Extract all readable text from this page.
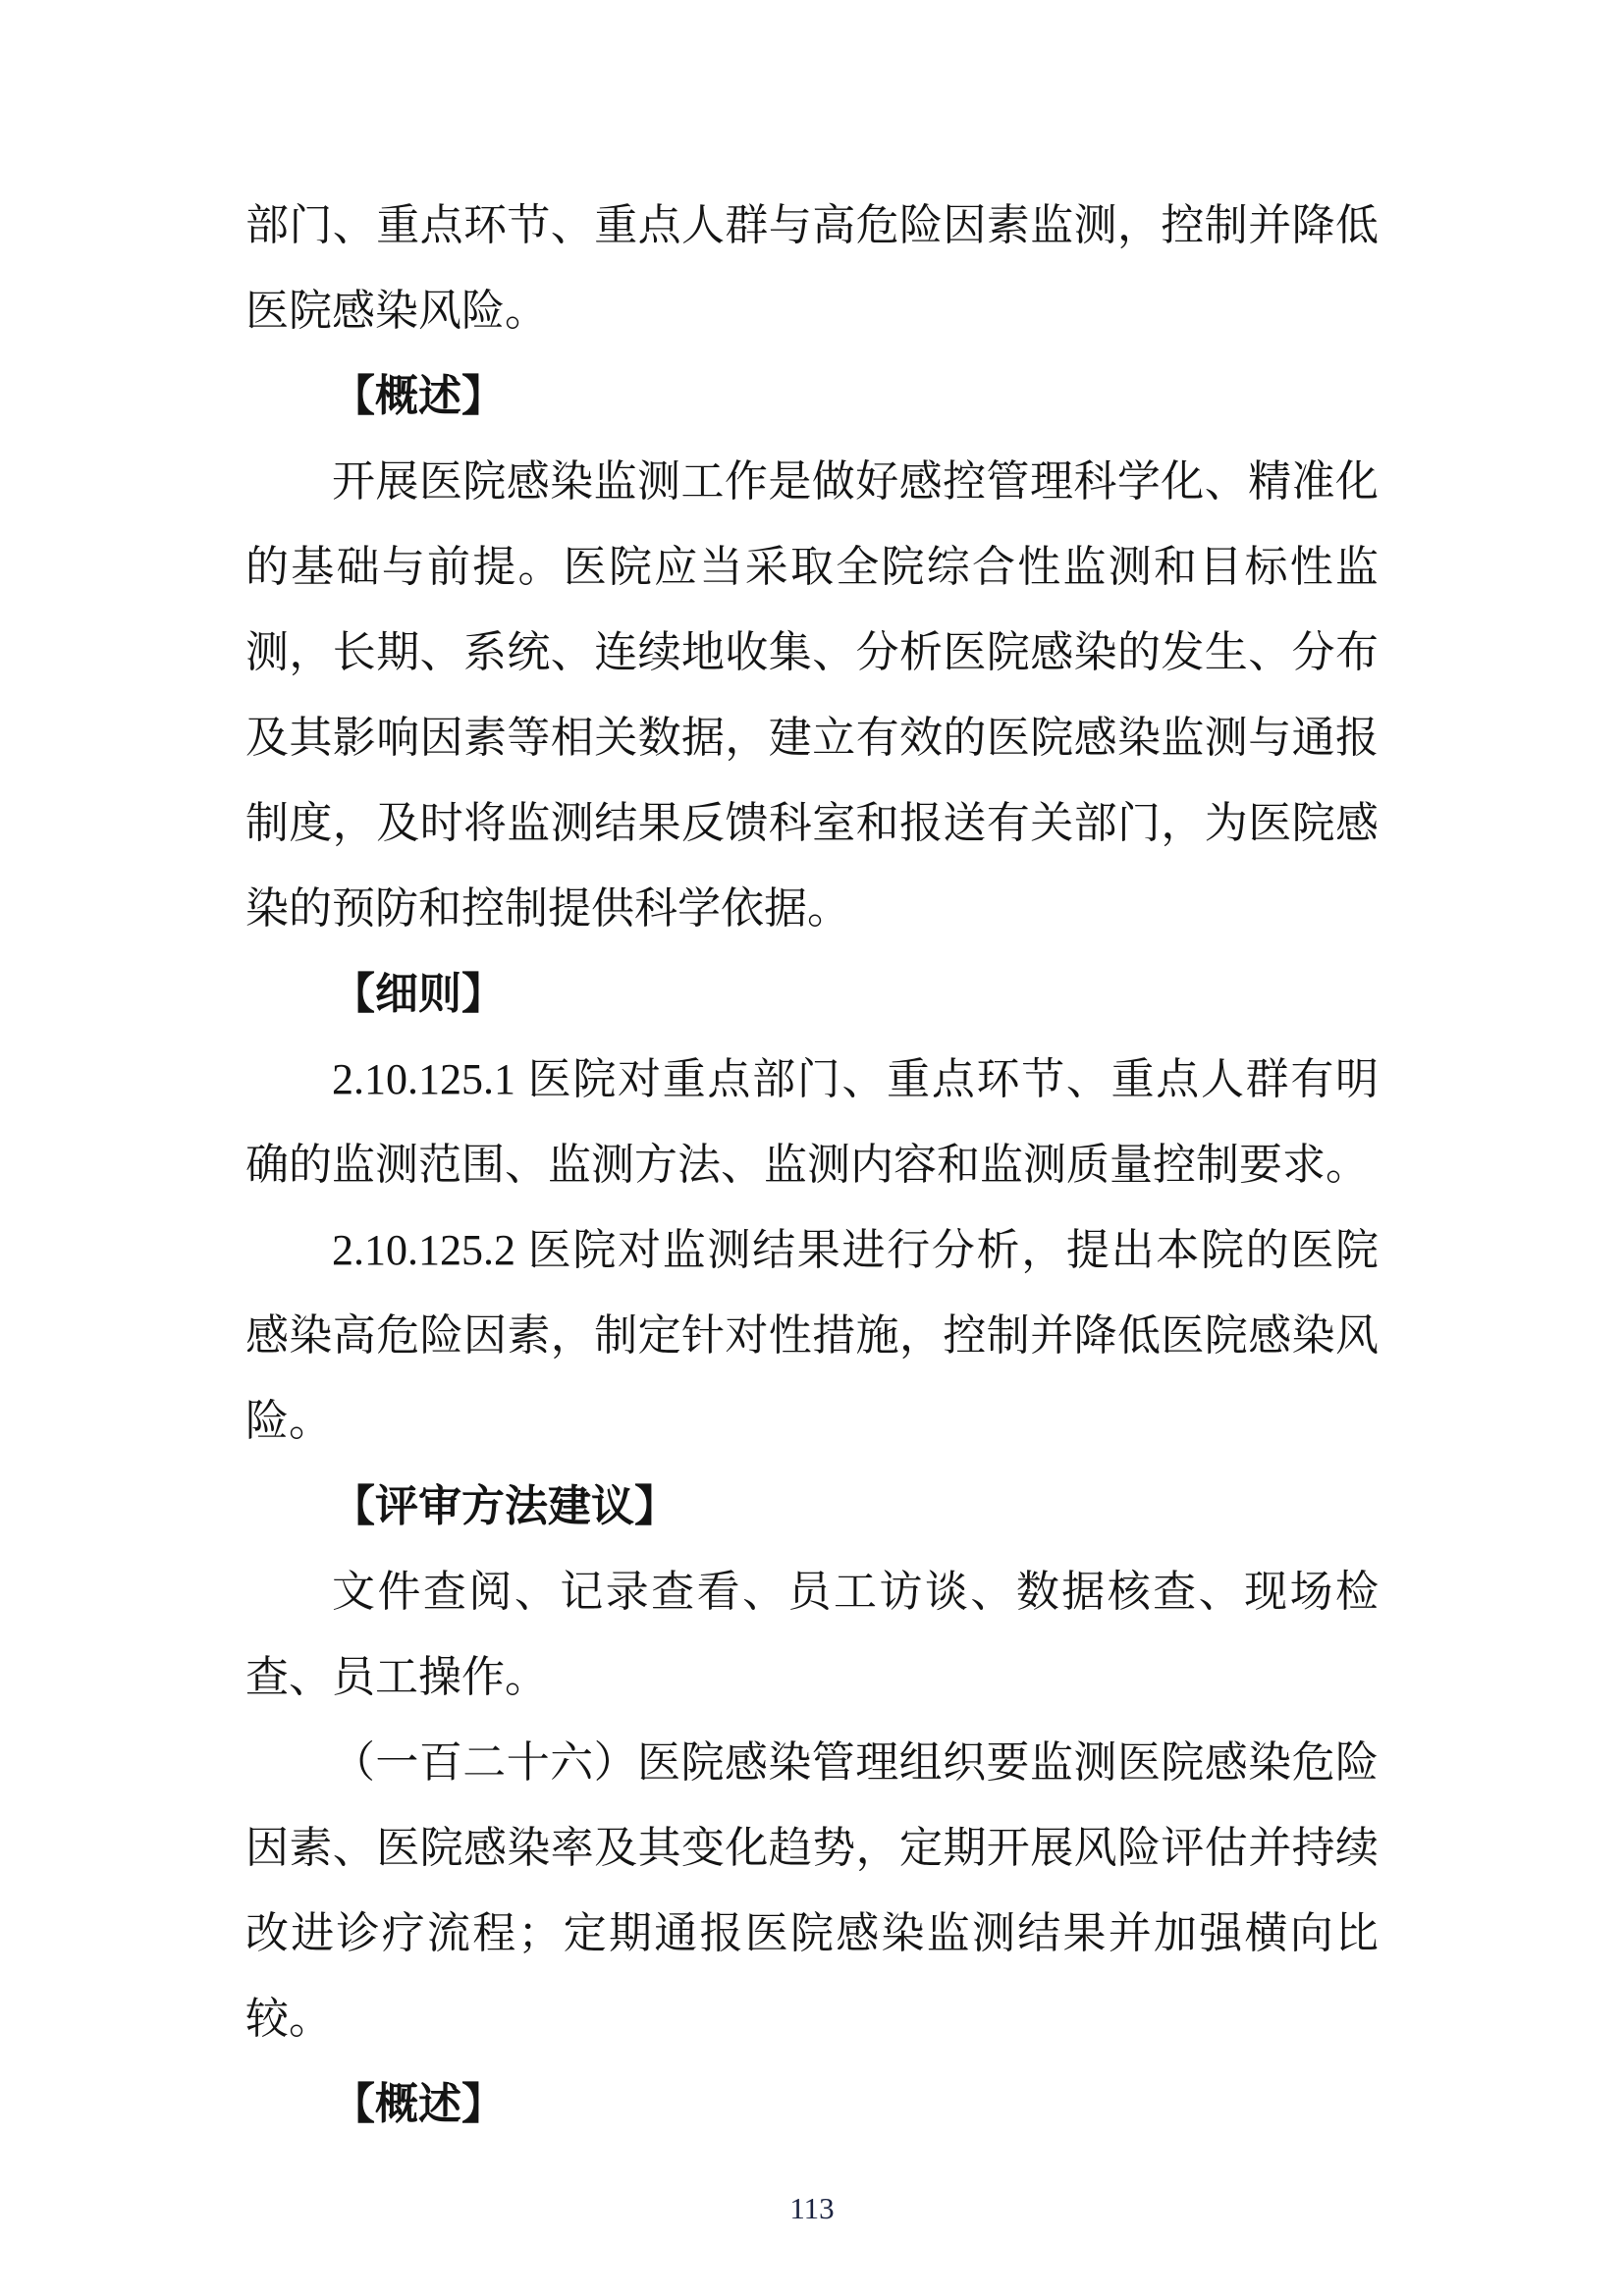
部门、重点环节、重点人群与高危险因素监测，控制并降低医院感染风险。

【概述】

开展医院感染监测工作是做好感控管理科学化、精准化的基础与前提。医院应当采取全院综合性监测和目标性监测，长期、系统、连续地收集、分析医院感染的发生、分布及其影响因素等相关数据，建立有效的医院感染监测与通报制度，及时将监测结果反馈科室和报送有关部门，为医院感染的预防和控制提供科学依据。

【细则】

2.10.125.1 医院对重点部门、重点环节、重点人群有明确的监测范围、监测方法、监测内容和监测质量控制要求。

2.10.125.2 医院对监测结果进行分析，提出本院的医院感染高危险因素，制定针对性措施，控制并降低医院感染风险。

【评审方法建议】

文件查阅、记录查看、员工访谈、数据核查、现场检查、员工操作。

（一百二十六）医院感染管理组织要监测医院感染危险因素、医院感染率及其变化趋势，定期开展风险评估并持续改进诊疗流程；定期通报医院感染监测结果并加强横向比较。

【概述】

113
